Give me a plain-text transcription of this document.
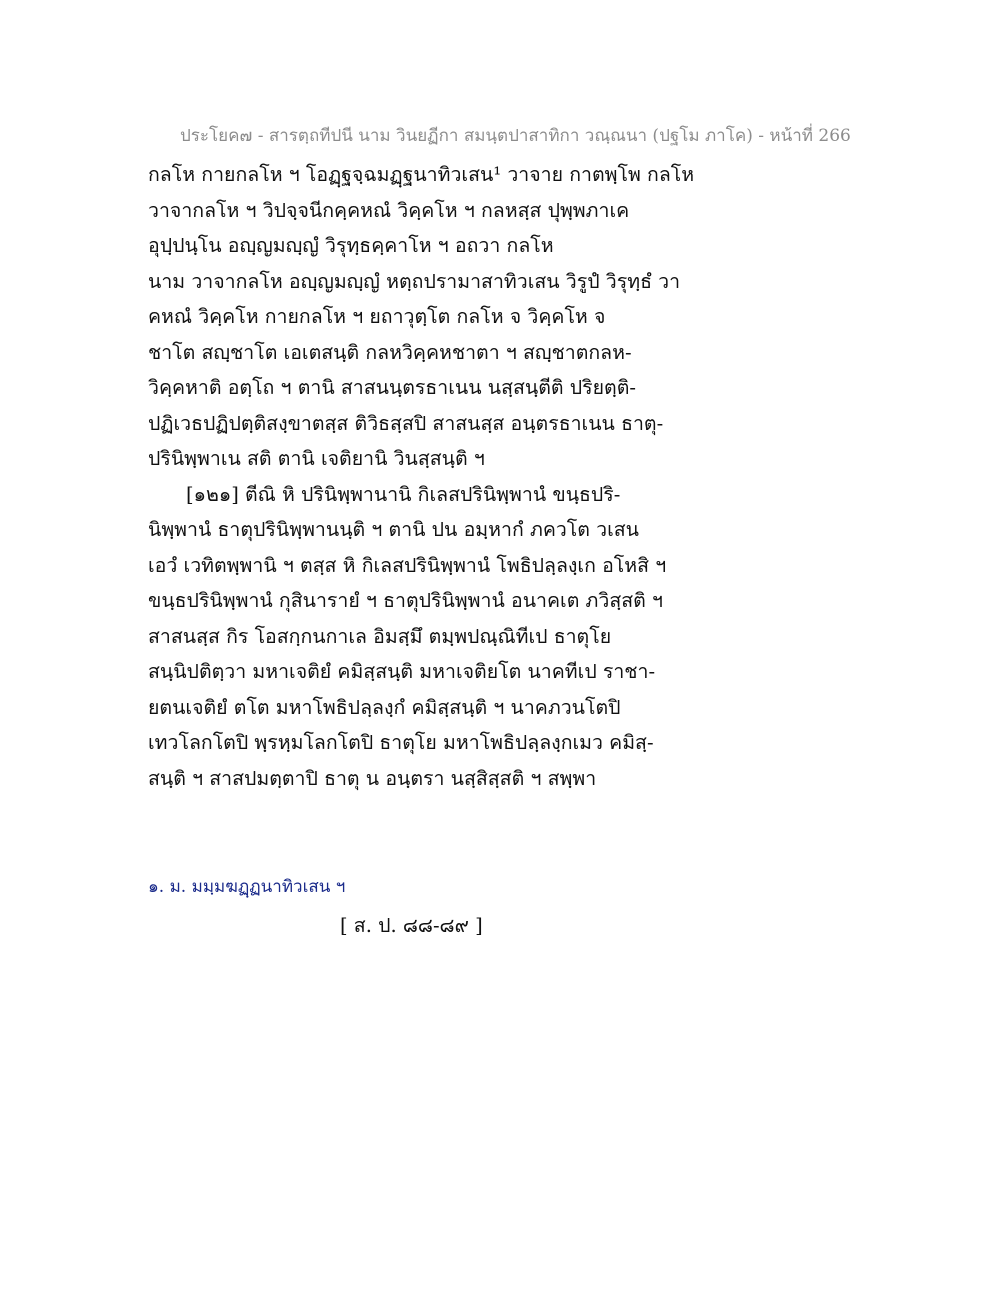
ประโยค๗ - สารตฺถทีปนี นาม วินยฏีกา สมนฺตปาสาทิกา วณฺณนา (ปฐโม ภาโค) - หน้าที่ 266
กลโห กายกลโห ฯ โอฏฺฐจฺฉมฏฺฐนาทิวเสน¹ วาจาย กาตพฺโพ กลโห
วาจากลโห ฯ วิปจฺจนีกคฺคหณํ วิคฺคโห ฯ กลหสฺส ปุพฺพภาเค
อุปฺปนฺโน อญฺญมญฺญํ วิรุทฺธคฺคาโห ฯ อถวา กลโห
นาม วาจากลโห อญฺญมญฺญํ หตฺถปรามาสาทิวเสน วิรูปํ วิรุทฺธํ วา
คหณํ วิคฺคโห กายกลโห ฯ ยถาวุตฺโต กลโห จ วิคฺคโห จ
ชาโต สญฺชาโต เอเตสนฺติ กลหวิคฺคหชาตา ฯ สญฺชาตกลห-
วิคฺคหาติ อตฺโถ ฯ ตานิ สาสนนฺตรธาเนน นสฺสนฺตีติ ปริยตฺติ-
ปฏิเวธปฏิปตฺติสงฺขาตสฺส ติวิธสฺสปิ สาสนสฺส อนฺตรธาเนน ธาตุ-
ปรินิพฺพาเน สติ ตานิ เจติยานิ วินสฺสนฺติ ฯ
[๑๒๑] ตีณิ หิ ปรินิพฺพานานิ กิเลสปรินิพฺพานํ ขนฺธปริ-
นิพฺพานํ ธาตุปรินิพฺพานนฺติ ฯ ตานิ ปน อมฺหากํ ภควโต วเสน
เอวํ เวทิตพฺพานิ ฯ ตสฺส หิ กิเลสปรินิพฺพานํ โพธิปลฺลงฺเก อโหสิ ฯ
ขนฺธปรินิพฺพานํ กุสินารายํ ฯ ธาตุปรินิพฺพานํ อนาคเต ภวิสฺสติ ฯ
สาสนสฺส กิร โอสกฺกนกาเล อิมสฺมึ ตมฺพปณฺณิทีเป ธาตุโย
สนฺนิปติตฺวา มหาเจติยํ คมิสฺสนฺติ มหาเจติยโต นาคทีเป ราชา-
ยตนเจติยํ ตโต มหาโพธิปลฺลงฺกํ คมิสฺสนฺติ ฯ นาคภวนโตปิ
เทวโลกโตปิ พฺรหฺมโลกโตปิ ธาตุโย มหาโพธิปลฺลงฺกเมว คมิสฺ-
สนฺติ ฯ สาสปมตฺตาปิ ธาตุ น อนฺตรา นสฺสิสฺสติ ฯ สพฺพา
๑. ม. มมฺมฆฏฺฏนาทิวเสน ฯ
[ ส. ป. ๘๘-๘๙ ]
